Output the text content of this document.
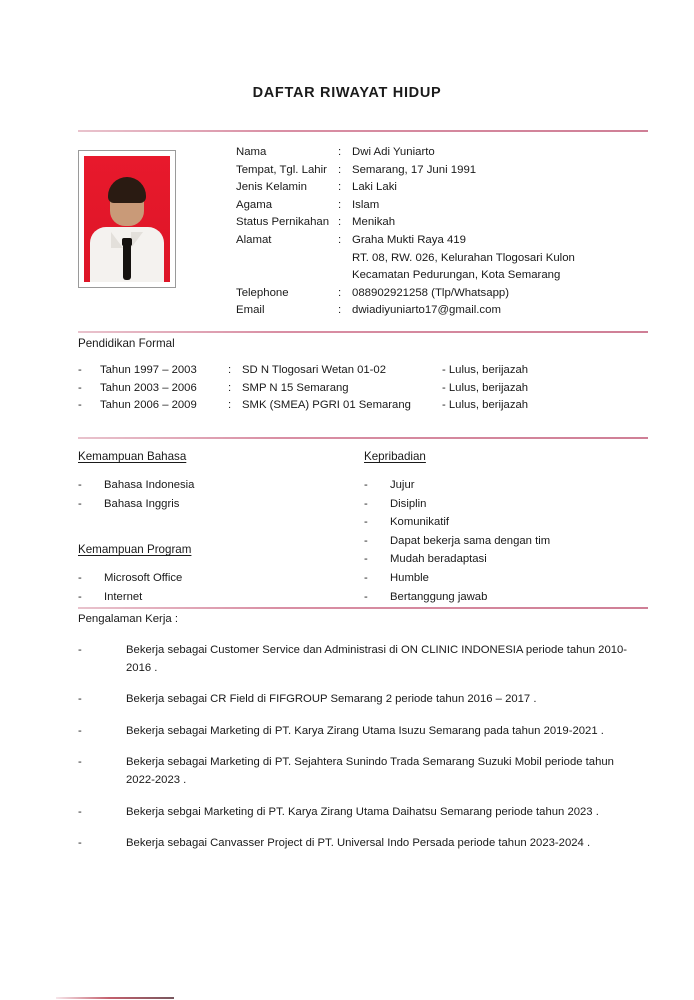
DAFTAR RIWAYAT HIDUP
Nama	: Dwi Adi Yuniarto
Tempat, Tgl. Lahir : Semarang, 17 Juni 1991
Jenis Kelamin	: Laki Laki
Agama	: Islam
Status Pernikahan : Menikah
Alamat	: Graha Mukti Raya 419
RT. 08, RW. 026, Kelurahan Tlogosari Kulon
Kecamatan Pedurungan, Kota Semarang
Telephone	: 088902921258 (Tlp/Whatsapp)
Email	: dwiadiyuniarto17@gmail.com
Pendidikan Formal
-	Tahun 1997 – 2003	: SD N Tlogosari Wetan 01-02	- Lulus, berijazah
-	Tahun 2003 – 2006	: SMP N 15 Semarang	- Lulus, berijazah
-	Tahun 2006 – 2009	: SMK (SMEA) PGRI 01 Semarang	- Lulus, berijazah
Kemampuan Bahasa
-	Bahasa Indonesia
-	Bahasa Inggris
Kemampuan Program
-	Microsoft Office
-	Internet
Kepribadian
-	Jujur
-	Disiplin
-	Komunikatif
-	Dapat bekerja sama dengan tim
-	Mudah beradaptasi
-	Humble
-	Bertanggung jawab
Pengalaman Kerja :
-	Bekerja sebagai Customer Service dan Administrasi di ON CLINIC INDONESIA periode tahun 2010-2016 .
-	Bekerja sebagai CR Field di FIFGROUP Semarang 2 periode tahun 2016 – 2017 .
-	Bekerja sebagai Marketing di PT. Karya Zirang Utama Isuzu Semarang pada tahun 2019-2021 .
-	Bekerja sebagai Marketing di PT. Sejahtera Sunindo Trada Semarang Suzuki Mobil periode tahun 2022-2023 .
-	Bekerja sebgai Marketing di PT. Karya Zirang Utama Daihatsu Semarang periode tahun 2023 .
-	Bekerja sebagai Canvasser Project di PT. Universal Indo Persada periode tahun 2023-2024 .
